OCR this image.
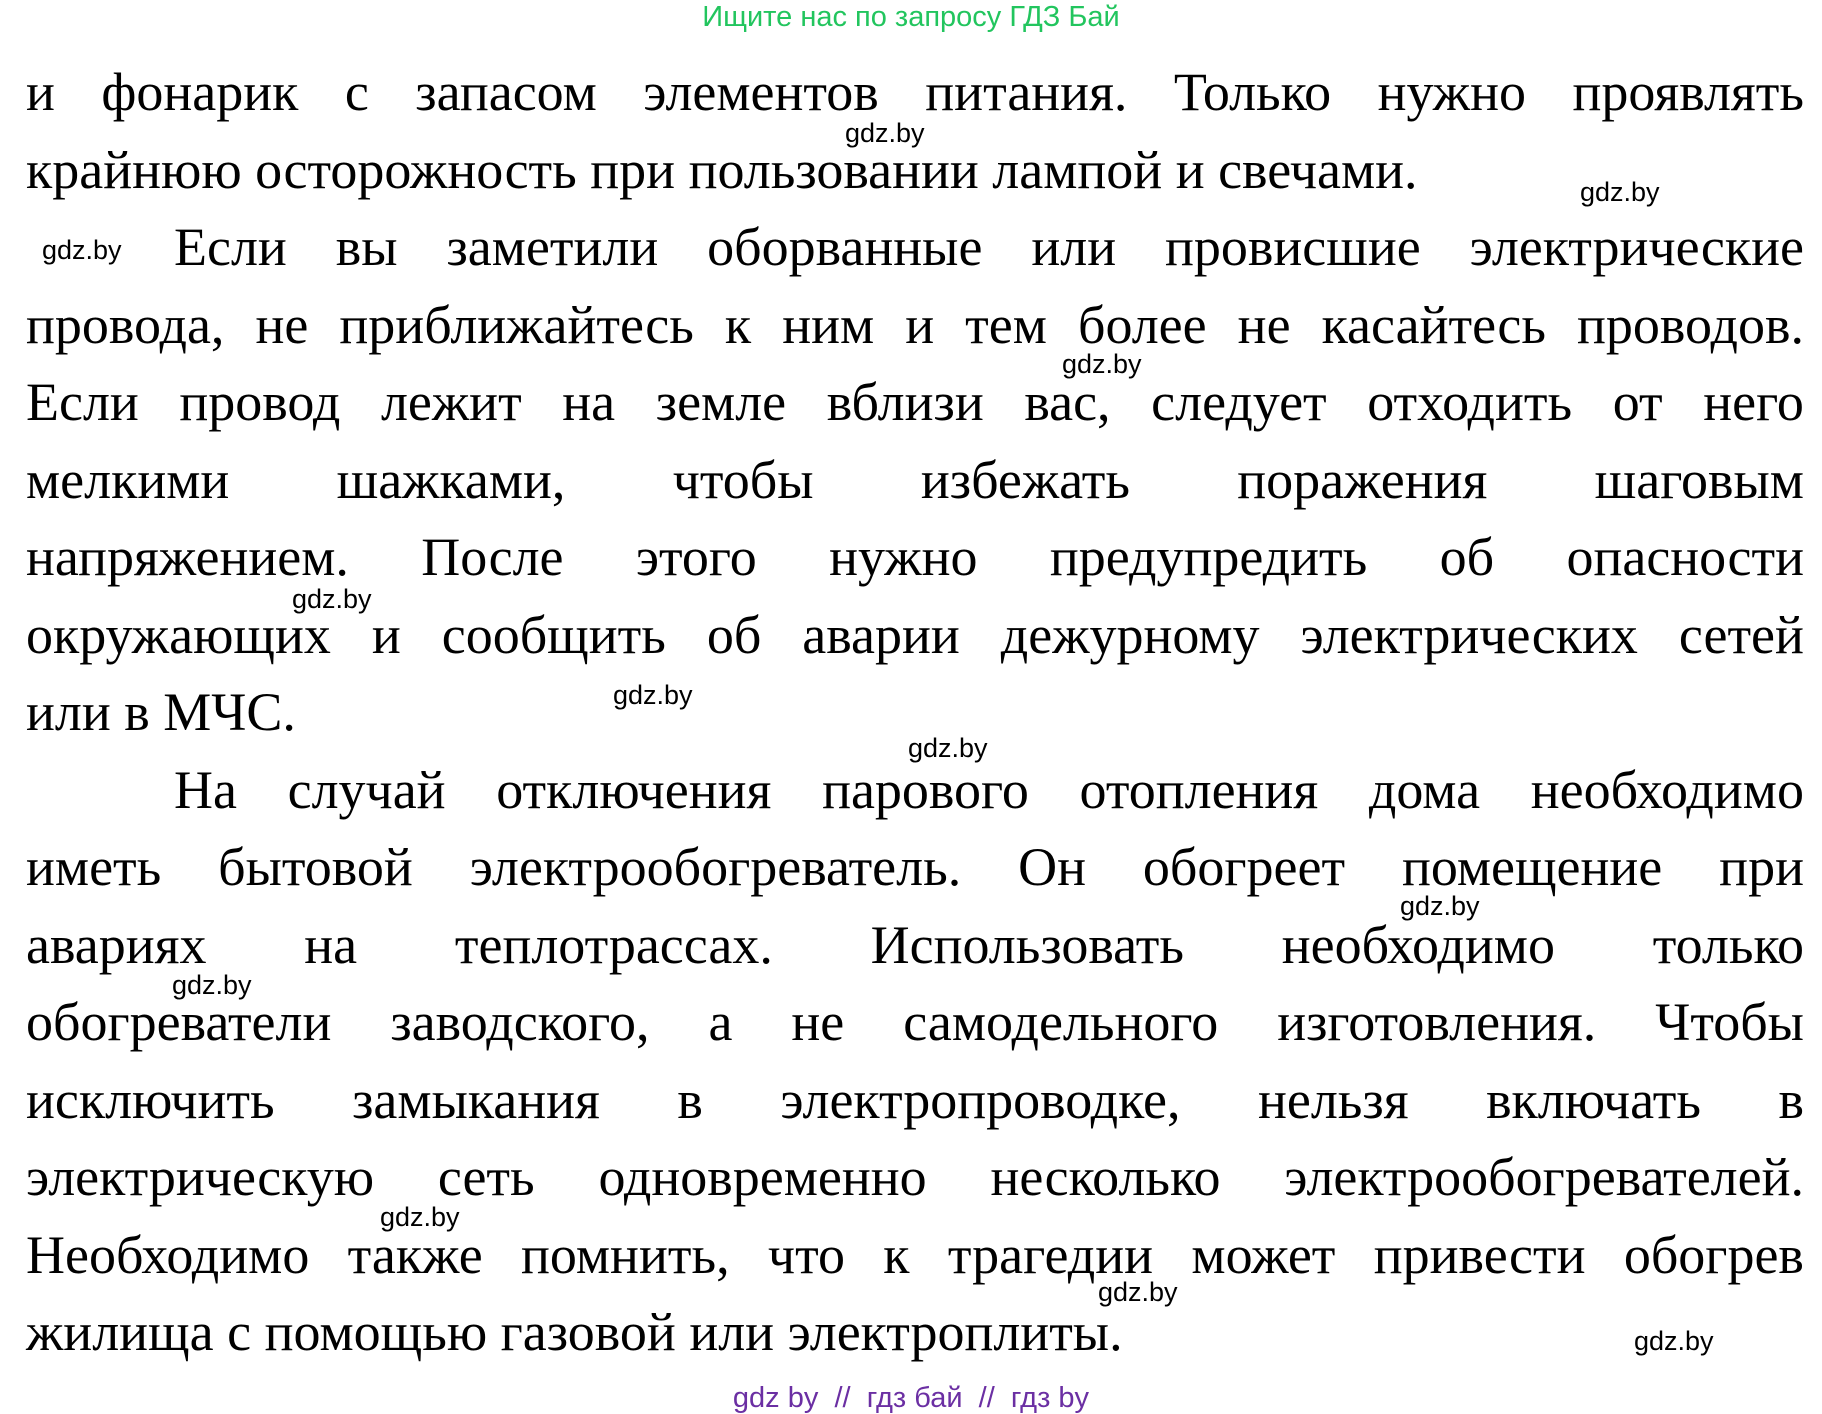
Ищите нас по запросу ГДЗ Бай
и фонарик с запасом элементов питания. Только нужно проявлять
крайнюю осторожность при пользовании лампой и свечами.
Если вы заметили оборванные или провисшие электрические
провода, не приближайтесь к ним и тем более не касайтесь проводов.
Если провод лежит на земле вблизи вас, следует отходить от него
мелкими шажками, чтобы избежать поражения шаговым
напряжением. После этого нужно предупредить об опасности
окружающих и сообщить об аварии дежурному электрических сетей
или в МЧС.
На случай отключения парового отопления дома необходимо
иметь бытовой электрообогреватель. Он обогреет помещение при
авариях на теплотрассах. Использовать необходимо только
обогреватели заводского, а не самодельного изготовления. Чтобы
исключить замыкания в электропроводке, нельзя включать в
электрическую сеть одновременно несколько электрообогревателей.
Необходимо также помнить, что к трагедии может привести обогрев
жилища с помощью газовой или электроплиты.
gdz.by
gdz.by
gdz.by
gdz.by
gdz.by
gdz.by
gdz.by
gdz.by
gdz.by
gdz.by
gdz.by
gdz.by
gdz by  //  гдз бай  //  гдз by
